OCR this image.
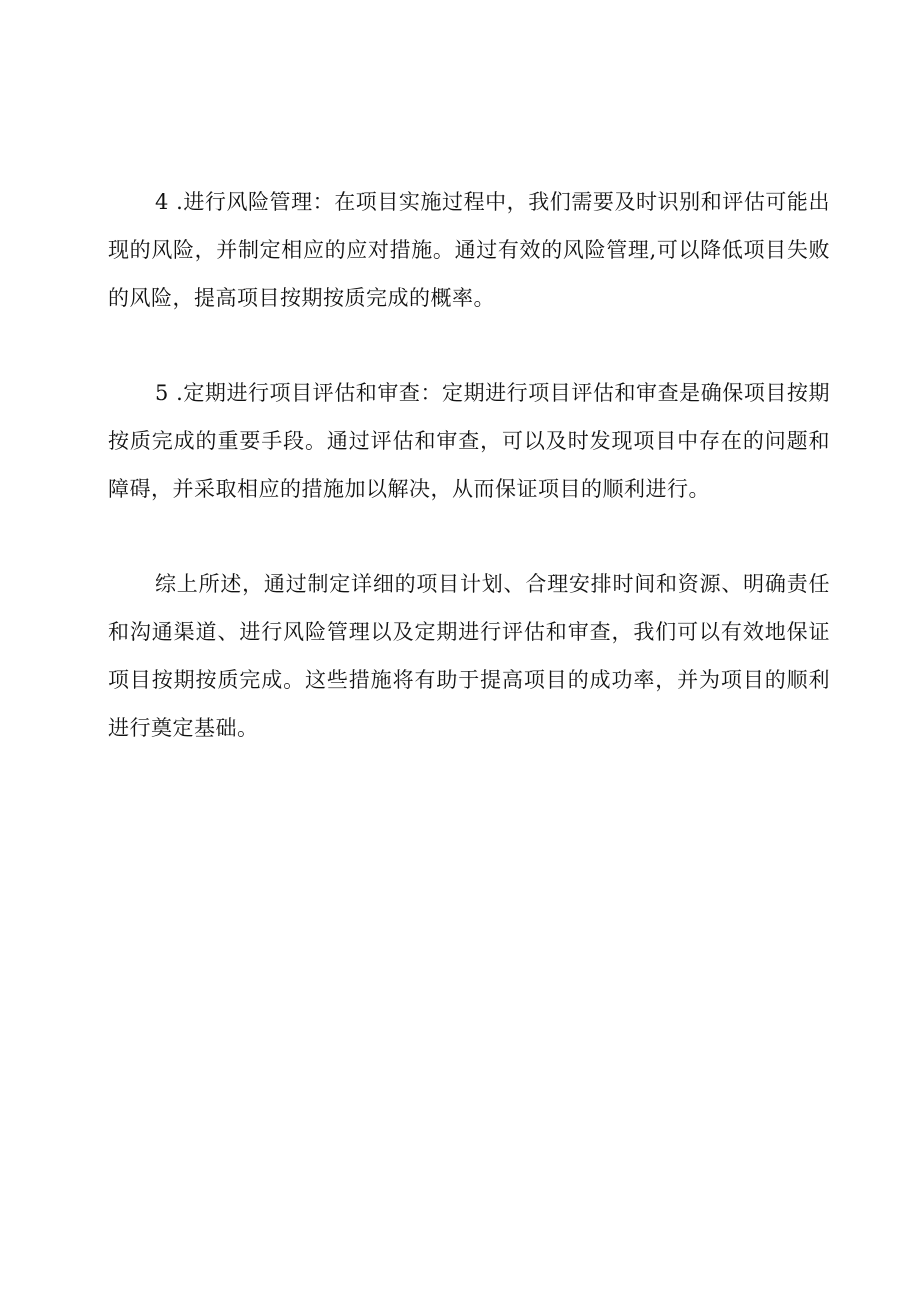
4 .进行风险管理：在项目实施过程中，我们需要及时识别和评估可能出现的风险，并制定相应的应对措施。通过有效的风险管理,可以降低项目失败的风险，提高项目按期按质完成的概率。

5 .定期进行项目评估和审查：定期进行项目评估和审查是确保项目按期按质完成的重要手段。通过评估和审查，可以及时发现项目中存在的问题和障碍，并采取相应的措施加以解决，从而保证项目的顺利进行。

综上所述，通过制定详细的项目计划、合理安排时间和资源、明确责任和沟通渠道、进行风险管理以及定期进行评估和审查，我们可以有效地保证项目按期按质完成。这些措施将有助于提高项目的成功率，并为项目的顺利进行奠定基础。
